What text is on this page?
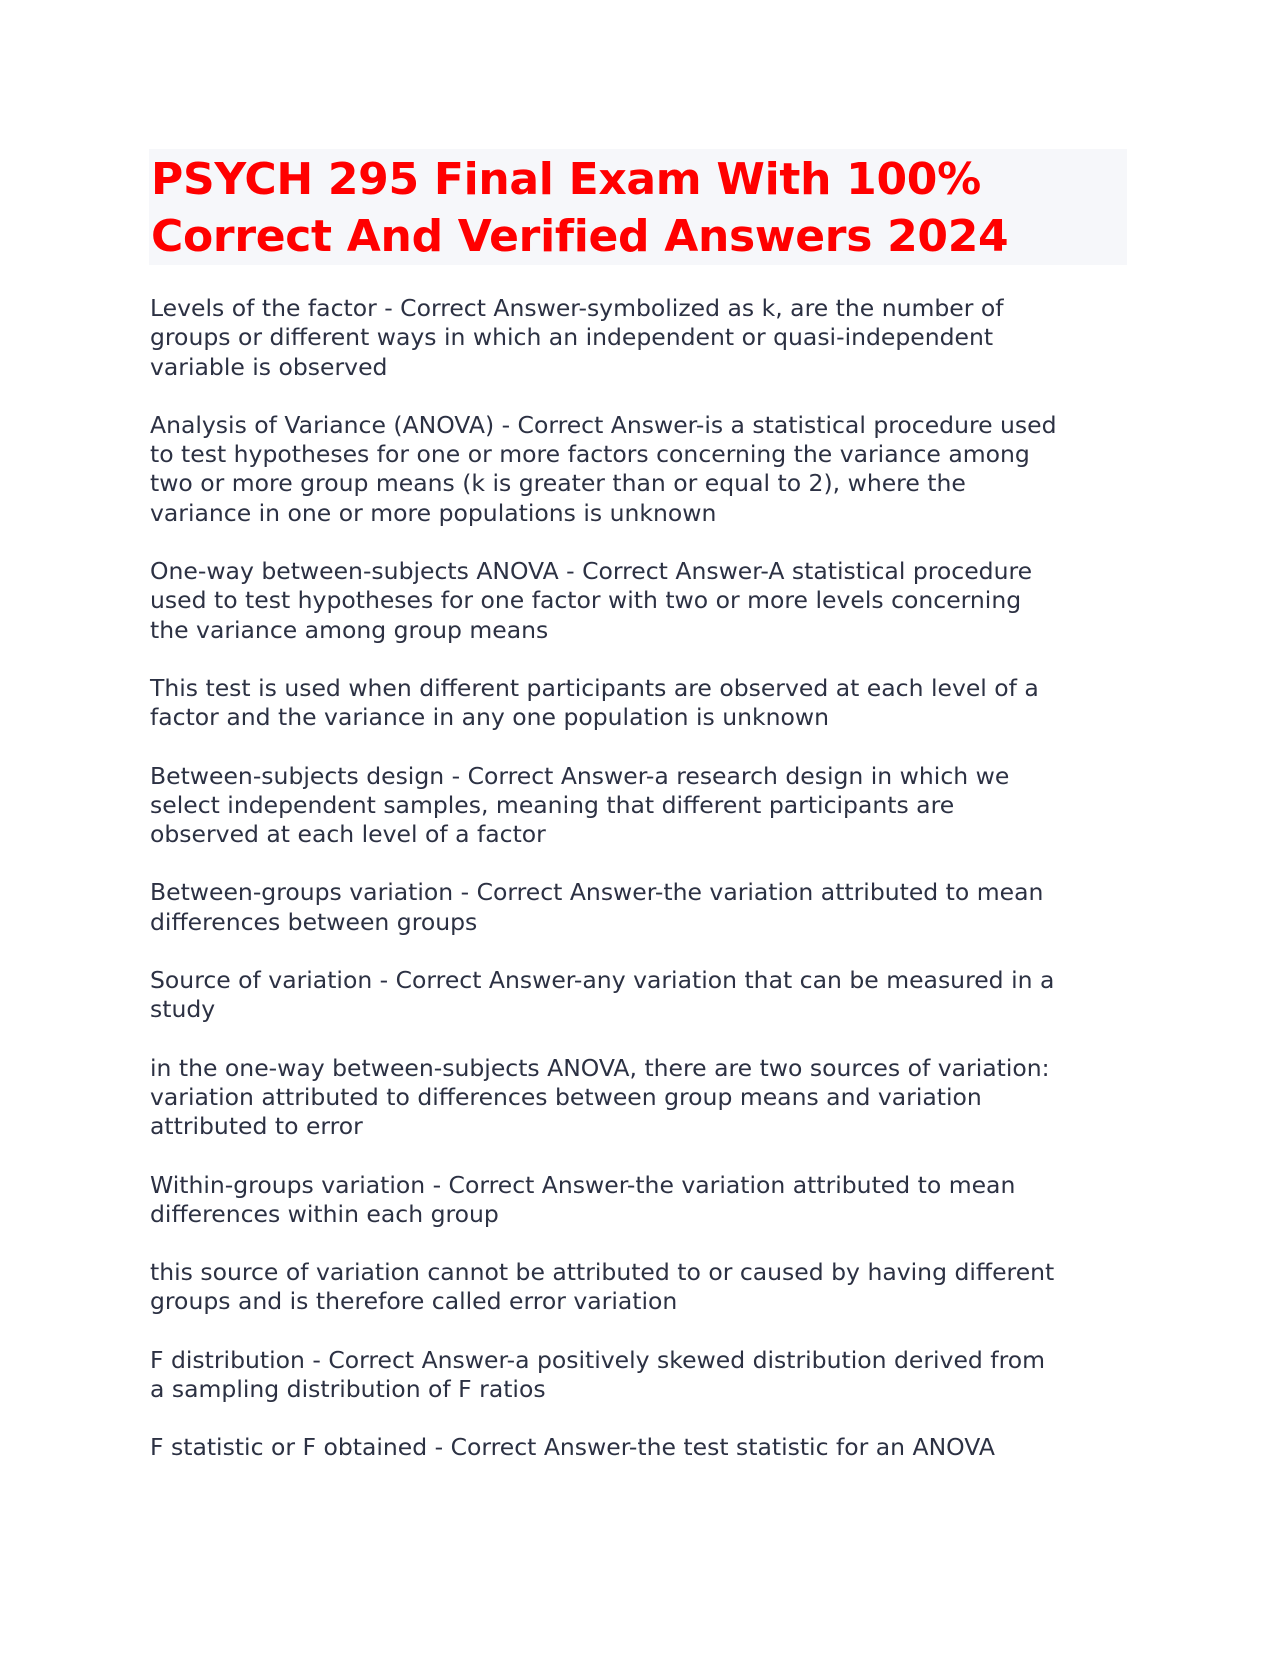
PSYCH 295 Final Exam With 100%
Correct And Verified Answers 2024

Levels of the factor - Correct Answer-symbolized as k, are the number of
groups or different ways in which an independent or quasi-independent
variable is observed

Analysis of Variance (ANOVA) - Correct Answer-is a statistical procedure used
to test hypotheses for one or more factors concerning the variance among
two or more group means (k is greater than or equal to 2), where the
variance in one or more populations is unknown

One-way between-subjects ANOVA - Correct Answer-A statistical procedure
used to test hypotheses for one factor with two or more levels concerning
the variance among group means

This test is used when different participants are observed at each level of a
factor and the variance in any one population is unknown

Between-subjects design - Correct Answer-a research design in which we
select independent samples, meaning that different participants are
observed at each level of a factor

Between-groups variation - Correct Answer-the variation attributed to mean
differences between groups

Source of variation - Correct Answer-any variation that can be measured in a
study

in the one-way between-subjects ANOVA, there are two sources of variation:
variation attributed to differences between group means and variation
attributed to error

Within-groups variation - Correct Answer-the variation attributed to mean
differences within each group

this source of variation cannot be attributed to or caused by having different
groups and is therefore called error variation

F distribution - Correct Answer-a positively skewed distribution derived from
a sampling distribution of F ratios

F statistic or F obtained - Correct Answer-the test statistic for an ANOVA
